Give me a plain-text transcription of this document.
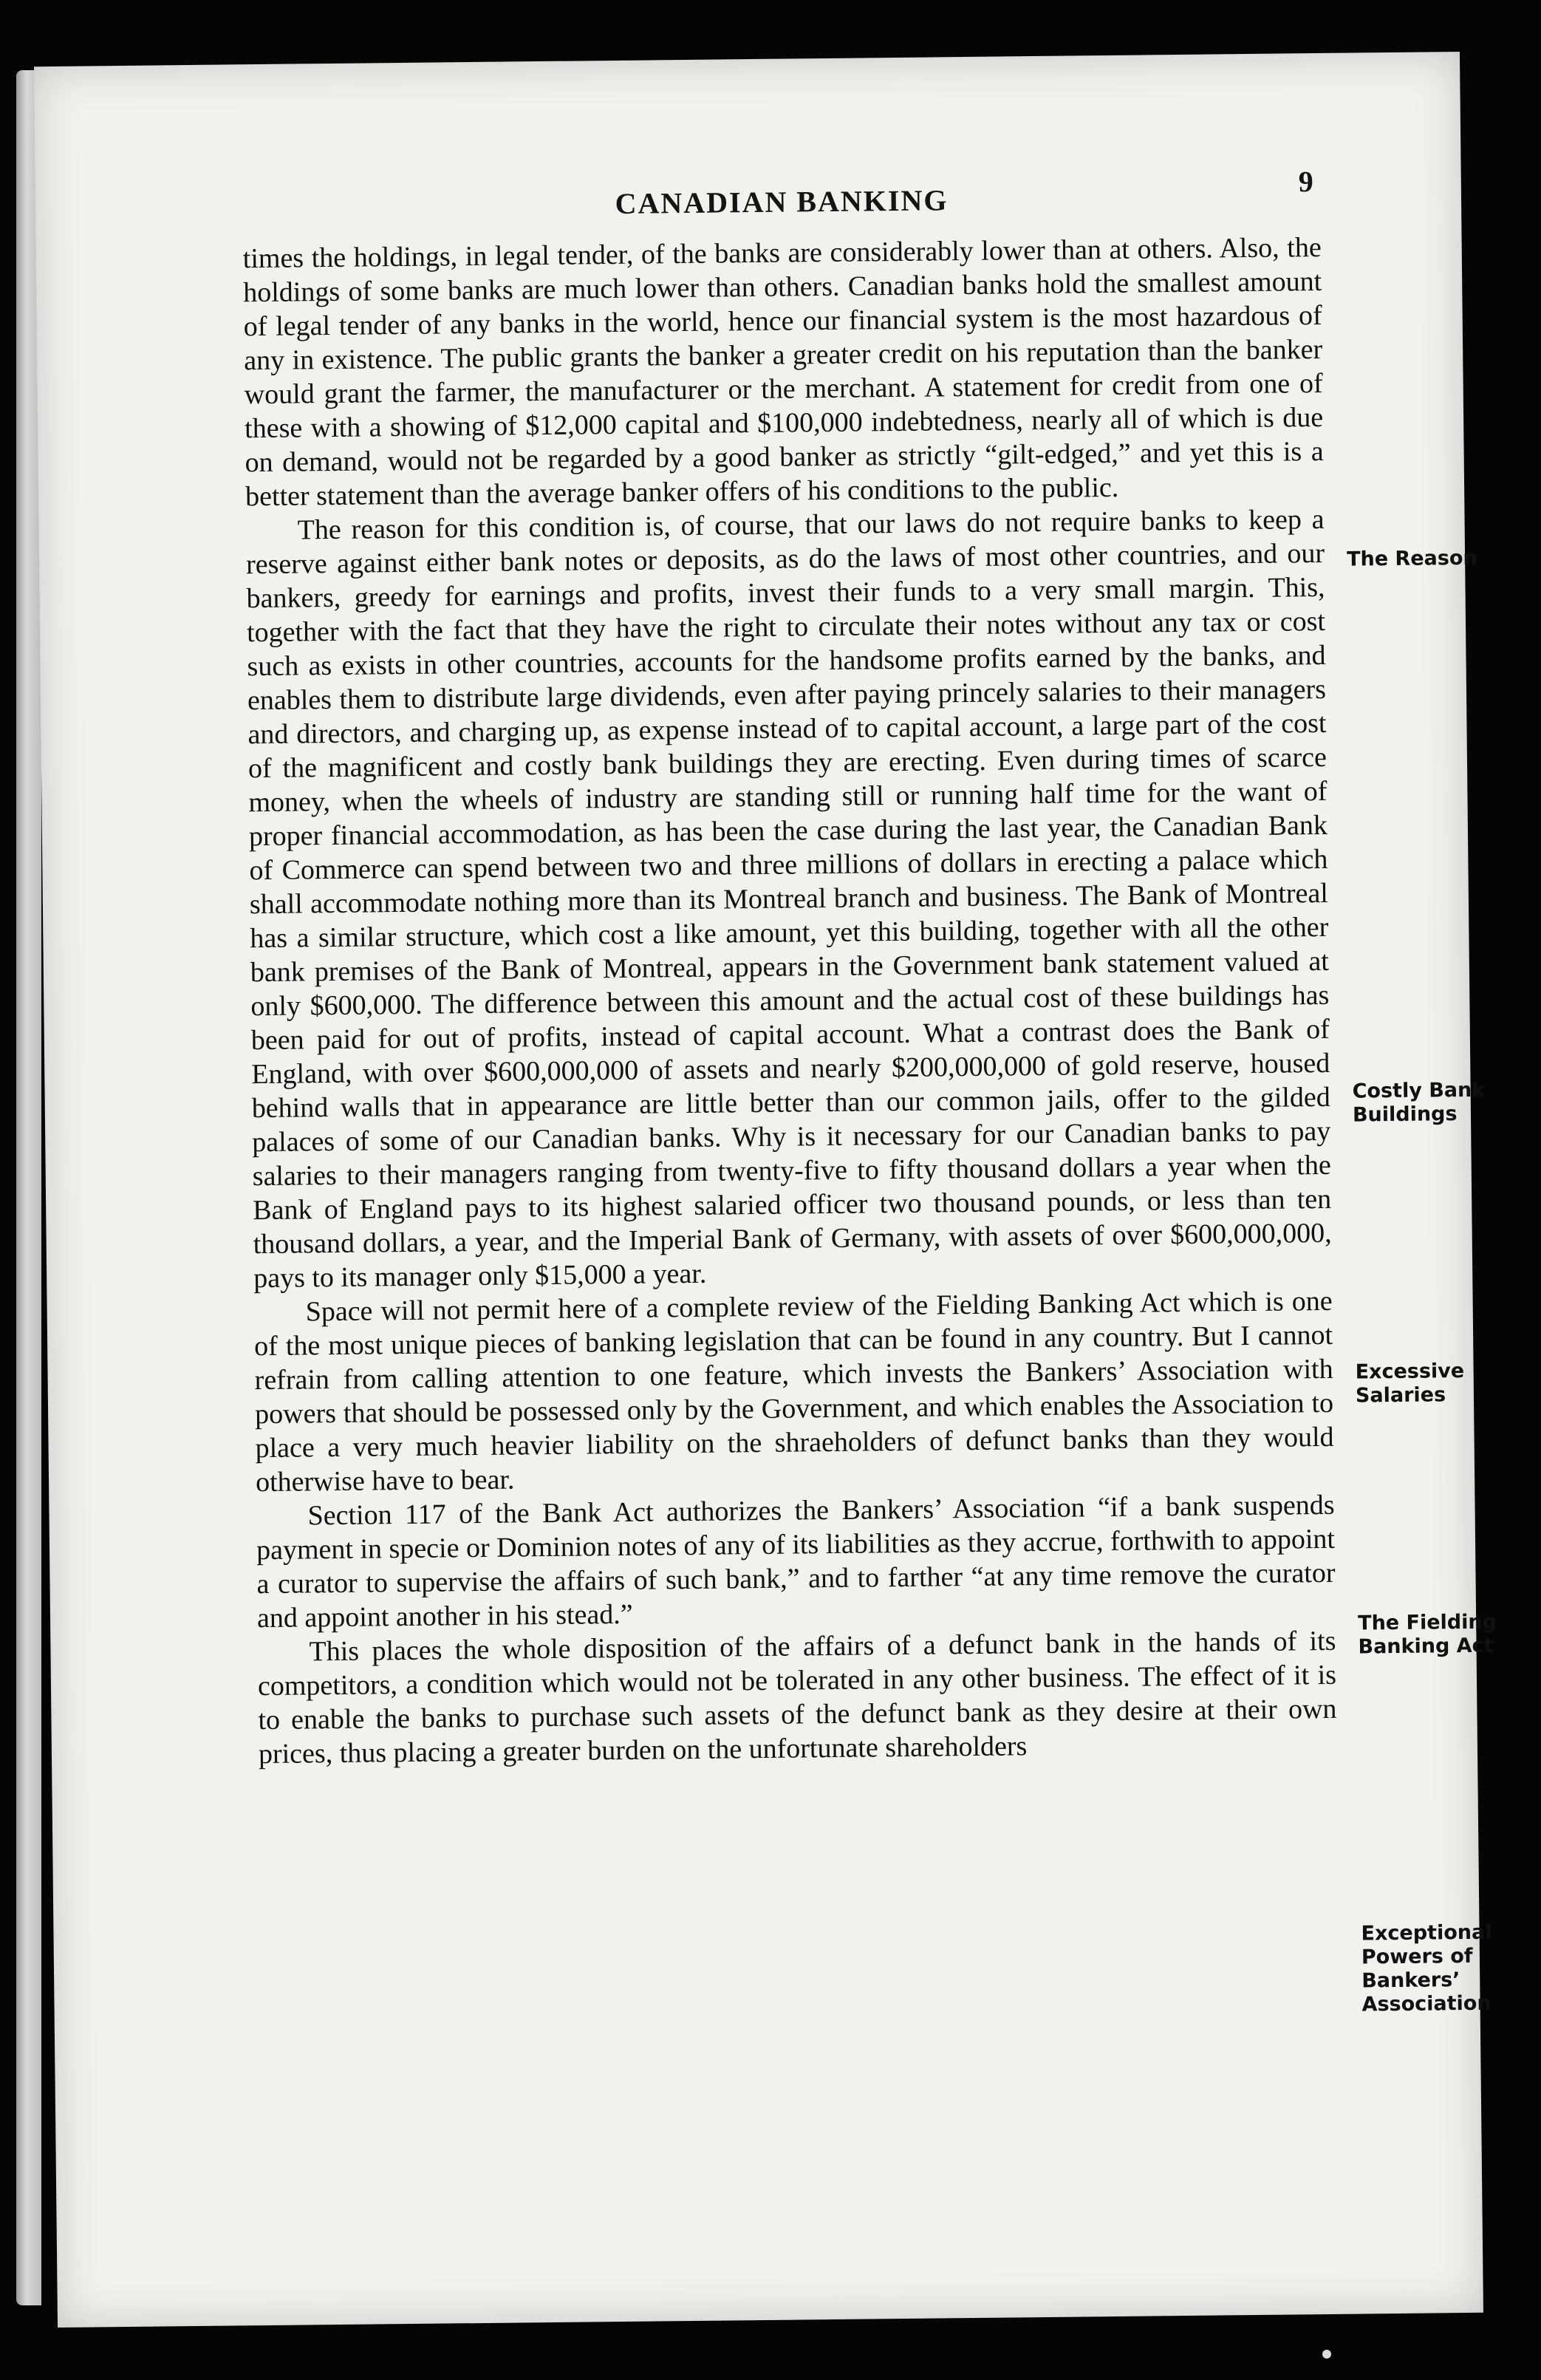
CANADIAN BANKING
9

times the holdings, in legal tender, of the banks are considerably lower than at others. Also, the holdings of some banks are much lower than others. Canadian banks hold the smallest amount of legal tender of any banks in the world, hence our financial system is the most hazardous of any in existence. The public grants the banker a greater credit on his reputation than the banker would grant the farmer, the manufacturer or the merchant. A statement for credit from one of these with a showing of $12,000 capital and $100,000 indebtedness, nearly all of which is due on demand, would not be regarded by a good banker as strictly “gilt-edged,” and yet this is a better statement than the average banker offers of his conditions to the public.

The reason for this condition is, of course, that our laws do not require banks to keep a reserve against either bank notes or deposits, as do the laws of most other countries, and our bankers, greedy for earnings and profits, invest their funds to a very small margin. This, together with the fact that they have the right to circulate their notes without any tax or cost such as exists in other countries, accounts for the handsome profits earned by the banks, and enables them to distribute large dividends, even after paying princely salaries to their managers and directors, and charging up, as expense instead of to capital account, a large part of the cost of the magnificent and costly bank buildings they are erecting. Even during times of scarce money, when the wheels of industry are standing still or running half time for the want of proper financial accommodation, as has been the case during the last year, the Canadian Bank of Commerce can spend between two and three millions of dollars in erecting a palace which shall accommodate nothing more than its Montreal branch and business. The Bank of Montreal has a similar structure, which cost a like amount, yet this building, together with all the other bank premises of the Bank of Montreal, appears in the Government bank statement valued at only $600,000. The difference between this amount and the actual cost of these buildings has been paid for out of profits, instead of capital account. What a contrast does the Bank of England, with over $600,000,000 of assets and nearly $200,000,000 of gold reserve, housed behind walls that in appearance are little better than our common jails, offer to the gilded palaces of some of our Canadian banks. Why is it necessary for our Canadian banks to pay salaries to their managers ranging from twenty-five to fifty thousand dollars a year when the Bank of England pays to its highest salaried officer two thousand pounds, or less than ten thousand dollars, a year, and the Imperial Bank of Germany, with assets of over $600,000,000, pays to its manager only $15,000 a year.

Space will not permit here of a complete review of the Fielding Banking Act which is one of the most unique pieces of banking legislation that can be found in any country. But I cannot refrain from calling attention to one feature, which invests the Bankers’ Association with powers that should be possessed only by the Government, and which enables the Association to place a very much heavier liability on the shraeholders of defunct banks than they would otherwise have to bear.

Section 117 of the Bank Act authorizes the Bankers’ Association “if a bank suspends payment in specie or Dominion notes of any of its liabilities as they accrue, forthwith to appoint a curator to supervise the affairs of such bank,” and to farther “at any time remove the curator and appoint another in his stead.”

This places the whole disposition of the affairs of a defunct bank in the hands of its competitors, a condition which would not be tolerated in any other business. The effect of it is to enable the banks to purchase such assets of the defunct bank as they desire at their own prices, thus placing a greater burden on the unfortunate shareholders

The Reason
Costly Bank Buildings
Excessive Salaries
The Fielding Banking Act
Exceptional Powers of Bankers’ Association
